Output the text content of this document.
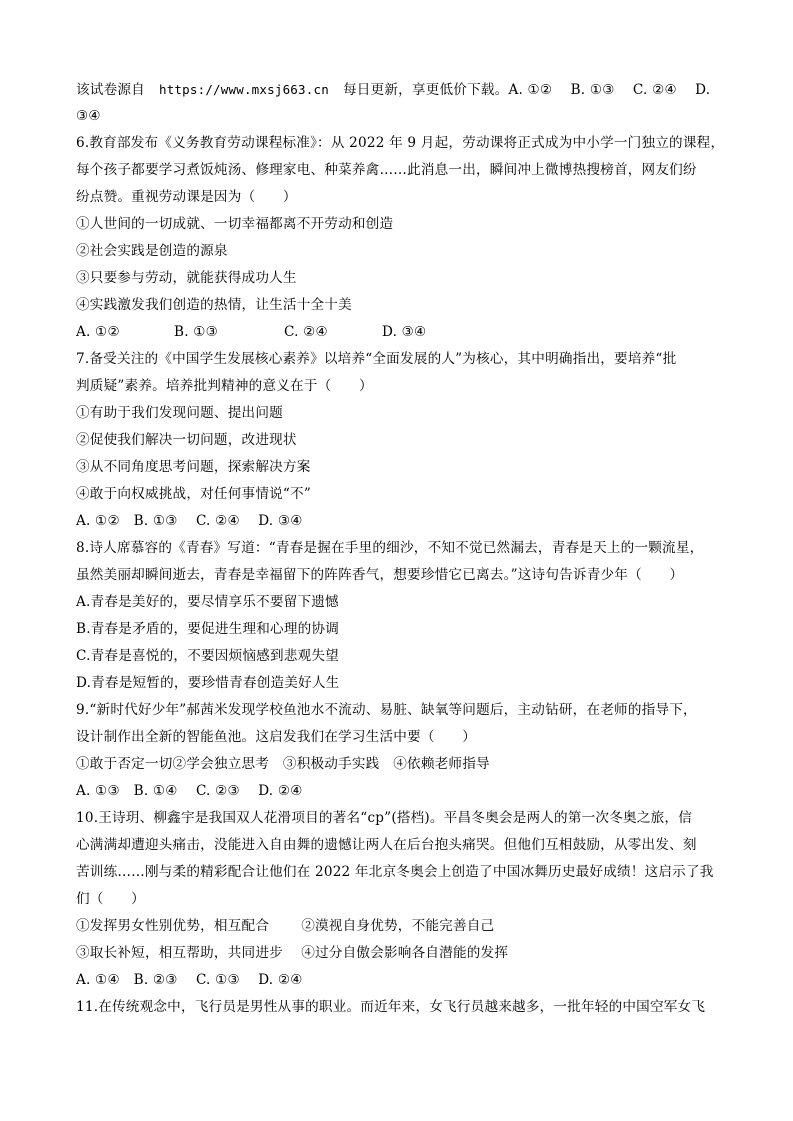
该试卷源自 https://www.mxsj663.cn 每日更新，享更低价下载。A. ①②　 B. ①③　 C. ②④　 D.
③④
6.教育部发布《义务教育劳动课程标准》：从 2022 年 9 月起，劳动课将正式成为中小学一门独立的课程，
每个孩子都要学习煮饭炖汤、修理家电、种菜养禽……此消息一出，瞬间冲上微博热搜榜首，网友们纷
纷点赞。重视劳动课是因为（　　）
①人世间的一切成就、一切幸福都离不开劳动和创造
②社会实践是创造的源泉
③只要参与劳动，就能获得成功人生
④实践激发我们创造的热情，让生活十全十美
A. ①②	B. ①③	C. ②④	D. ③④
7.备受关注的《中国学生发展核心素养》以培养“全面发展的人”为核心，其中明确指出，要培养“批
判质疑”素养。培养批判精神的意义在于（　　）
①有助于我们发现问题、提出问题
②促使我们解决一切问题，改进现状
③从不同角度思考问题，探索解决方案
④敢于向权威挑战，对任何事情说“不”
A. ①②　B. ①③　 C. ②④　 D. ③④
8.诗人席慕容的《青春》写道：“青春是握在手里的细沙，不知不觉已然漏去，青春是天上的一颗流星，
虽然美丽却瞬间逝去，青春是幸福留下的阵阵香气，想要珍惜它已离去。”这诗句告诉青少年（　　）
A.青春是美好的，要尽情享乐不要留下遗憾
B.青春是矛盾的，要促进生理和心理的协调
C.青春是喜悦的，不要因烦恼感到悲观失望
D.青春是短暂的，要珍惜青春创造美好人生
9.“新时代好少年”郝茜米发现学校鱼池水不流动、易脏、缺氧等问题后，主动钻研，在老师的指导下，
设计制作出全新的智能鱼池。这启发我们在学习生活中要（　　）
①敢于否定一切②学会独立思考　③积极动手实践　④依赖老师指导
A. ①③　B. ①④　 C. ②③　 D. ②④
10.王诗玥、柳鑫宇是我国双人花滑项目的著名“cp”(搭档)。平昌冬奥会是两人的第一次冬奥之旅，信
心满满却遭迎头痛击，没能进入自由舞的遗憾让两人在后台抱头痛哭。但他们互相鼓励，从零出发、刻
苦训练……刚与柔的精彩配合让他们在 2022 年北京冬奥会上创造了中国冰舞历史最好成绩！这启示了我
们（　　）
①发挥男女性别优势，相互配合　　 ②漠视自身优势，不能完善自己
③取长补短，相互帮助，共同进步　 ④过分自傲会影响各自潜能的发挥
A. ①④　B. ②③　 C. ①③　 D. ②④
11.在传统观念中，飞行员是男性从事的职业。而近年来，女飞行员越来越多，一批年轻的中国空军女飞
